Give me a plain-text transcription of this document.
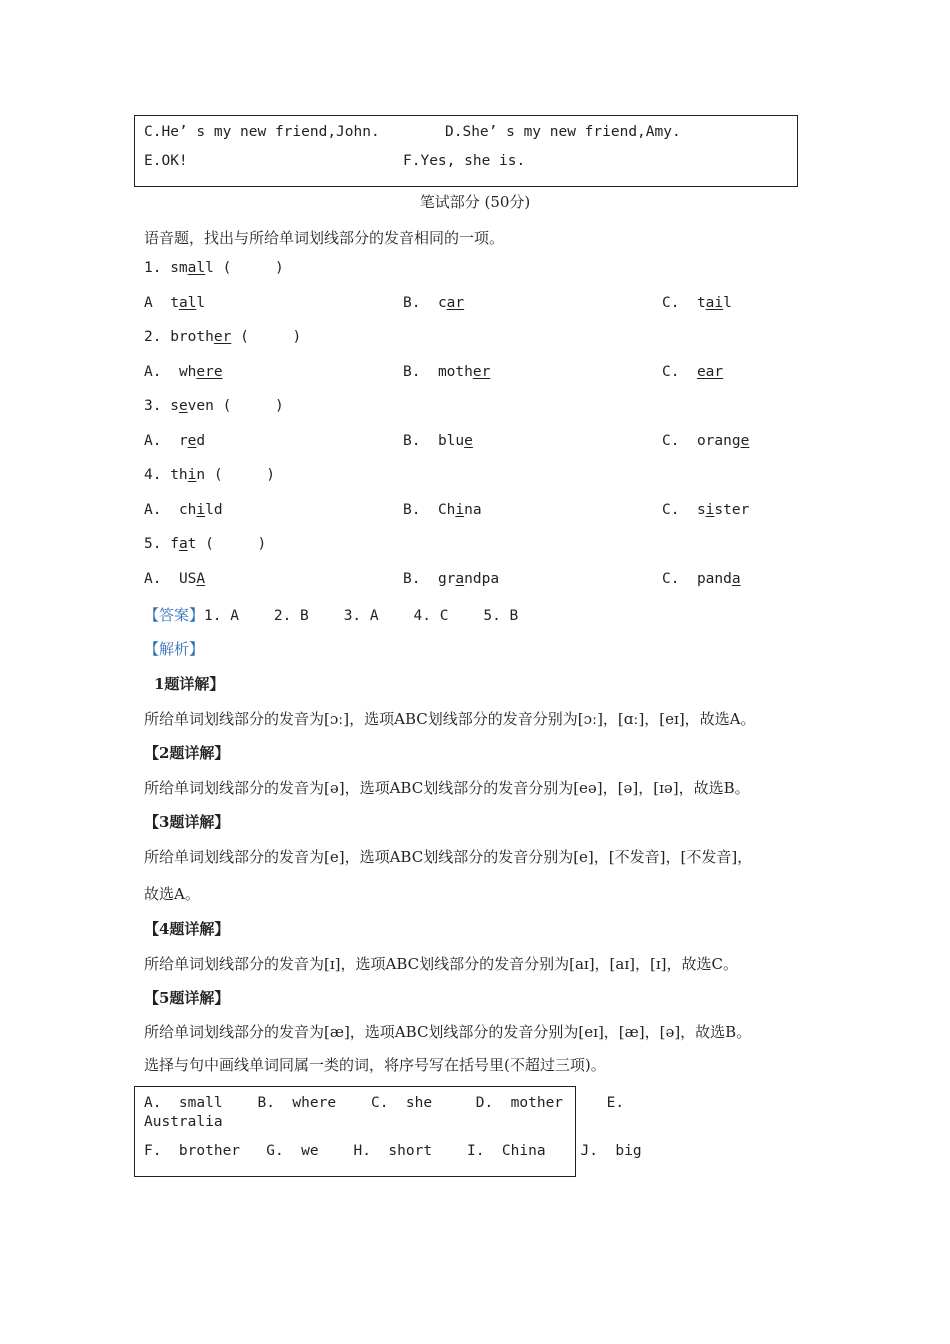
C.He’ s my new friend,John.	D.She’ s my new friend,Amy.
E.OK!	F.Yes, she is.
笔试部分 (50分)
语音题，找出与所给单词划线部分的发音相同的一项。
1. small (     )
A tall	B. car	C. tail
2. brother (     )
A. where	B. mother	C. ear
3. seven (     )
A. red	B. blue	C. orange
4. thin (     )
A. child	B. China	C. sister
5. fat (     )
A. USA	B. grandpa	C. panda
【答案】1. A    2. B    3. A    4. C    5. B
【解析】
1题详解】
所给单词划线部分的发音为[ɔː]，选项ABC划线部分的发音分别为[ɔː]，[ɑː]，[eɪ]，故选A。
【2题详解】
所给单词划线部分的发音为[ə]，选项ABC划线部分的发音分别为[eə]，[ə]，[ɪə]，故选B。
【3题详解】
所给单词划线部分的发音为[e]，选项ABC划线部分的发音分别为[e]，[不发音]，[不发音]，
故选A。
【4题详解】
所给单词划线部分的发音为[ɪ]，选项ABC划线部分的发音分别为[aɪ]，[aɪ]，[ɪ]，故选C。
【5题详解】
所给单词划线部分的发音为[æ]，选项ABC划线部分的发音分别为[eɪ]，[æ]，[ə]，故选B。
选择与句中画线单词同属一类的词，将序号写在括号里(不超过三项)。
A.  small    B.  where    C.  she     D.  mother     E.
Australia
F.  brother   G.  we    H.  short    I.  China    J.  big
